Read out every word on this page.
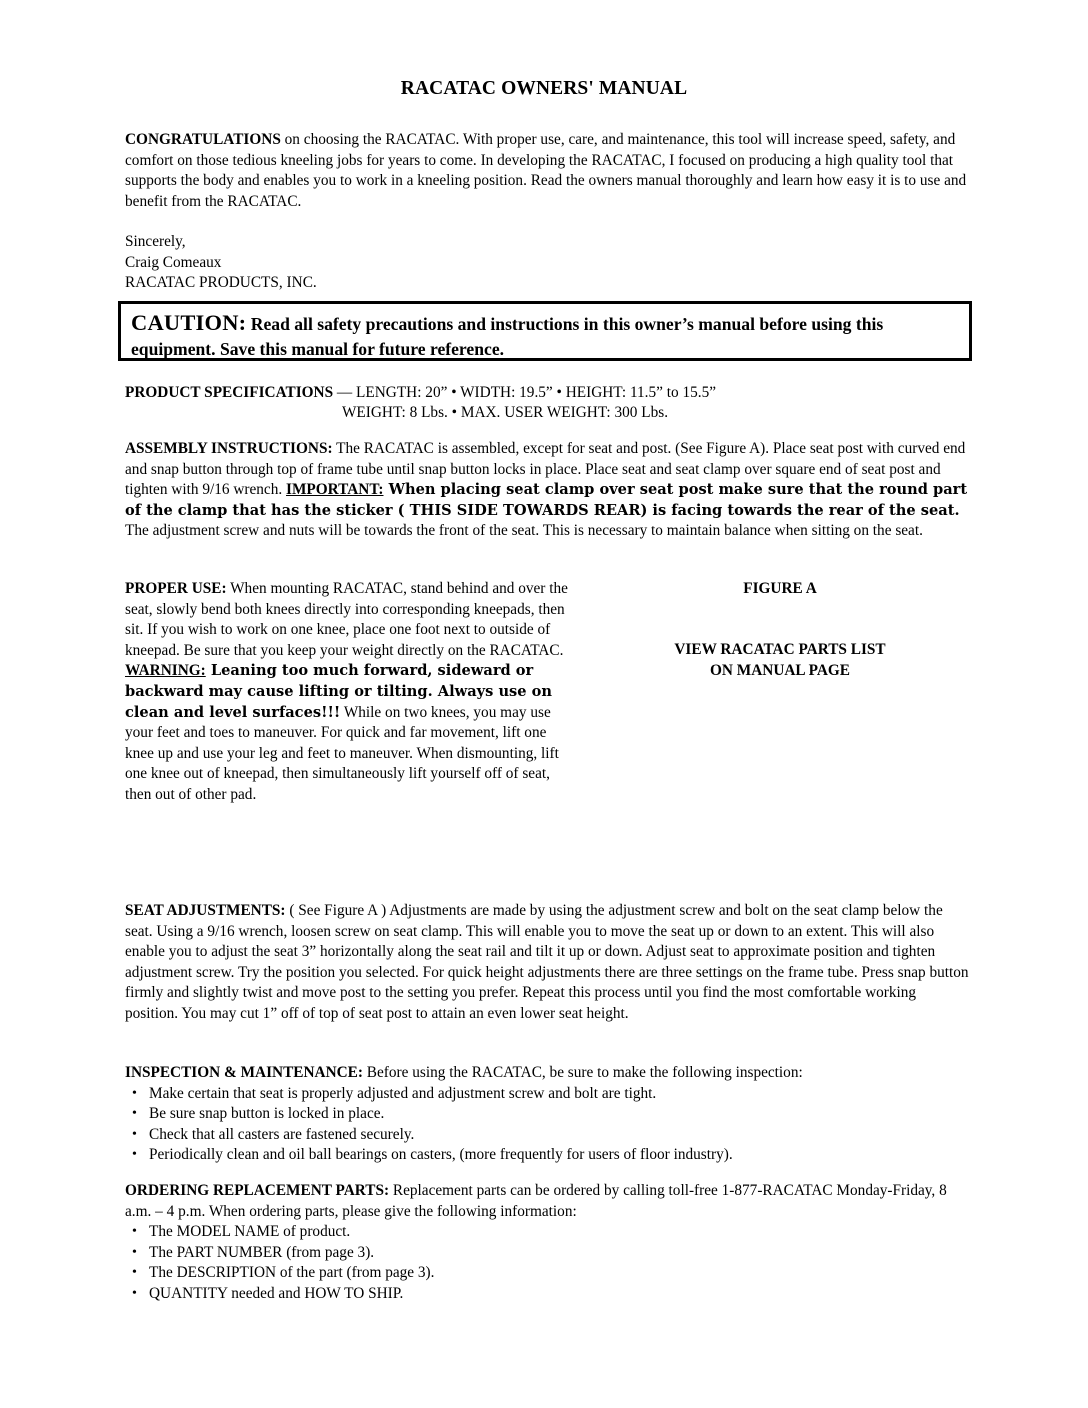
RACATAC OWNERS' MANUAL
CONGRATULATIONS on choosing the RACATAC. With proper use, care, and maintenance, this tool will increase speed, safety, and comfort on those tedious kneeling jobs for years to come. In developing the RACATAC, I focused on producing a high quality tool that supports the body and enables you to work in a kneeling position. Read the owners manual thoroughly and learn how easy it is to use and benefit from the RACATAC.
Sincerely,
Craig Comeaux
RACATAC PRODUCTS, INC.
CAUTION: Read all safety precautions and instructions in this owner’s manual before using this equipment. Save this manual for future reference.
PRODUCT SPECIFICATIONS — LENGTH: 20” • WIDTH: 19.5” • HEIGHT: 11.5” to 15.5”
WEIGHT: 8 Lbs. • MAX. USER WEIGHT: 300 Lbs.
ASSEMBLY INSTRUCTIONS: The RACATAC is assembled, except for seat and post. (See Figure A). Place seat post with curved end and snap button through top of frame tube until snap button locks in place. Place seat and seat clamp over square end of seat post and tighten with 9/16 wrench. IMPORTANT: When placing seat clamp over seat post make sure that the round part of the clamp that has the sticker ( THIS SIDE TOWARDS REAR) is facing towards the rear of the seat. The adjustment screw and nuts will be towards the front of the seat. This is necessary to maintain balance when sitting on the seat.
PROPER USE: When mounting RACATAC, stand behind and over the seat, slowly bend both knees directly into corresponding kneepads, then sit. If you wish to work on one knee, place one foot next to outside of kneepad. Be sure that you keep your weight directly on the RACATAC. WARNING: Leaning too much forward, sideward or backward may cause lifting or tilting. Always use on clean and level surfaces!!! While on two knees, you may use your feet and toes to maneuver. For quick and far movement, lift one knee up and use your leg and feet to maneuver. When dismounting, lift one knee out of kneepad, then simultaneously lift yourself off of seat, then out of other pad.
FIGURE A
VIEW RACATAC PARTS LIST
ON MANUAL PAGE
SEAT ADJUSTMENTS: ( See Figure A ) Adjustments are made by using the adjustment screw and bolt on the seat clamp below the seat. Using a 9/16 wrench, loosen screw on seat clamp. This will enable you to move the seat up or down to an extent. This will also enable you to adjust the seat 3” horizontally along the seat rail and tilt it up or down. Adjust seat to approximate position and tighten adjustment screw. Try the position you selected. For quick height adjustments there are three settings on the frame tube. Press snap button firmly and slightly twist and move post to the setting you prefer. Repeat this process until you find the most comfortable working position. You may cut 1” off of top of seat post to attain an even lower seat height.
INSPECTION & MAINTENANCE: Before using the RACATAC, be sure to make the following inspection:
• Make certain that seat is properly adjusted and adjustment screw and bolt are tight.
• Be sure snap button is locked in place.
• Check that all casters are fastened securely.
• Periodically clean and oil ball bearings on casters, (more frequently for users of floor industry).
ORDERING REPLACEMENT PARTS: Replacement parts can be ordered by calling toll-free 1-877-RACATAC Monday-Friday, 8 a.m. – 4 p.m. When ordering parts, please give the following information:
• The MODEL NAME of product.
• The PART NUMBER (from page 3).
• The DESCRIPTION of the part (from page 3).
• QUANTITY needed and HOW TO SHIP.
